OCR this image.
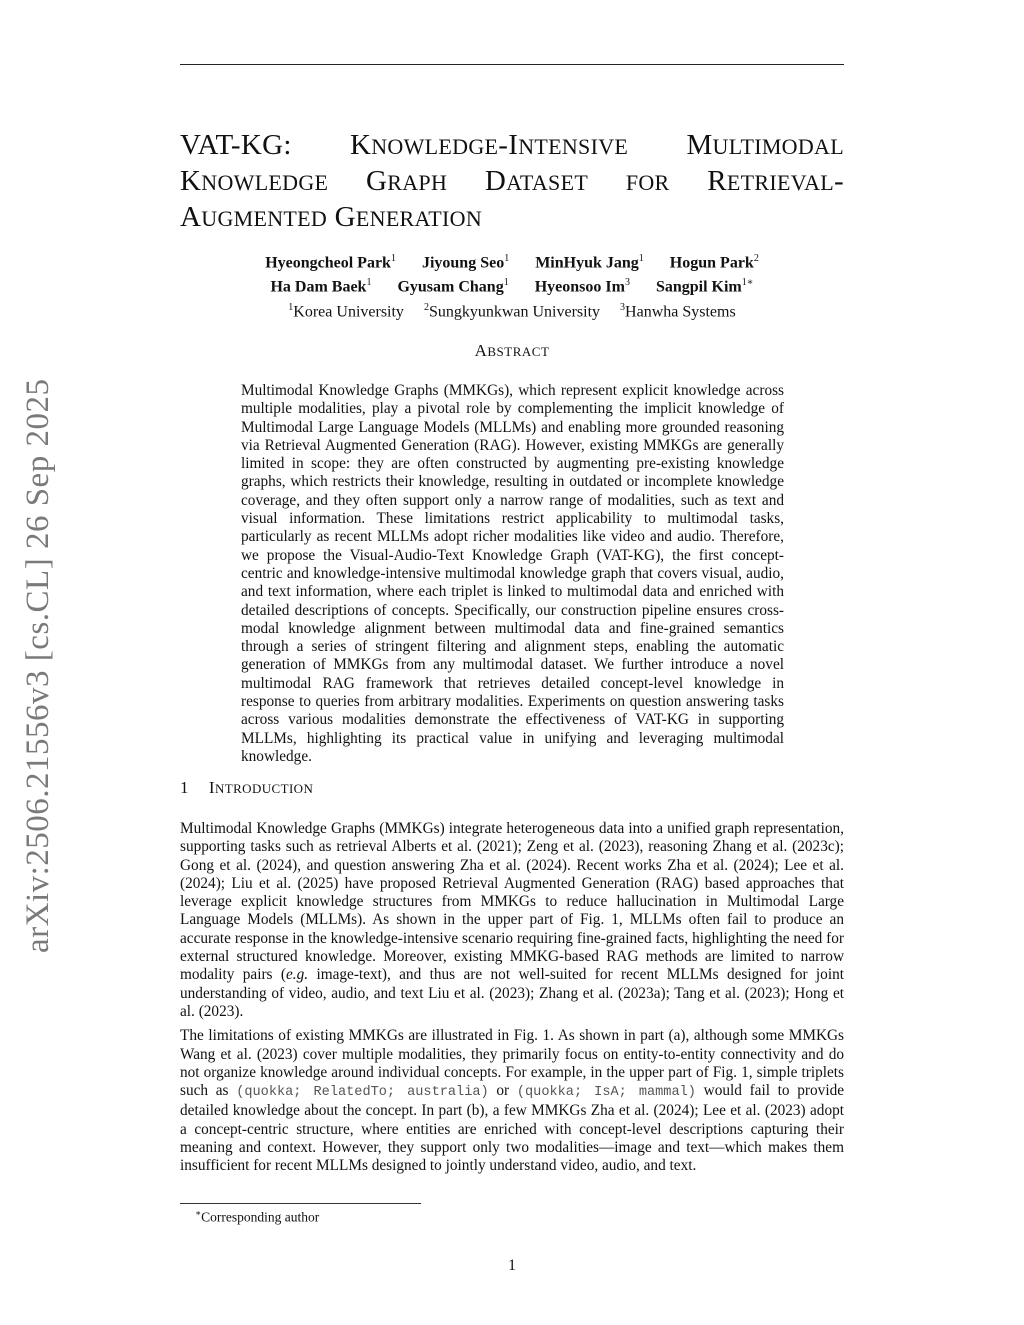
arXiv:2506.21556v3 [cs.CL] 26 Sep 2025
VAT-KG: KNOWLEDGE-INTENSIVE MULTIMODAL
KNOWLEDGE GRAPH DATASET FOR RETRIEVAL-
AUGMENTED GENERATION
Hyeongcheol Park$^1$ Jiyoung Seo$^1$ MinHyuk Jang$^1$ Hogun Park$^2$
Ha Dam Baek$^1$ Gyusam Chang$^1$ Hyeonsoo Im$^3$ Sangpil Kim$^{1∗}$
$^1$Korea University $^2$Sungkyunkwan University $^3$Hanwha Systems
ABSTRACT
Multimodal Knowledge Graphs (MMKGs), which represent explicit knowledge across multiple modalities, play a pivotal role by complementing the implicit knowledge of Multimodal Large Language Models (MLLMs) and enabling more grounded reasoning via Retrieval Augmented Generation (RAG). However, existing MMKGs are generally limited in scope: they are often constructed by augmenting pre-existing knowledge graphs, which restricts their knowledge, resulting in outdated or incomplete knowledge coverage, and they often support only a narrow range of modalities, such as text and visual information. These limitations restrict applicability to multimodal tasks, particularly as recent MLLMs adopt richer modalities like video and audio. Therefore, we propose the Visual-Audio-Text Knowledge Graph (VAT-KG), the first concept-centric and knowledge-intensive multimodal knowledge graph that covers visual, audio, and text information, where each triplet is linked to multimodal data and enriched with detailed descriptions of concepts. Specifically, our construction pipeline ensures cross-modal knowledge alignment between multimodal data and fine-grained semantics through a series of stringent filtering and alignment steps, enabling the automatic generation of MMKGs from any multimodal dataset. We further introduce a novel multimodal RAG framework that retrieves detailed concept-level knowledge in response to queries from arbitrary modalities. Experiments on question answering tasks across various modalities demonstrate the effectiveness of VAT-KG in supporting MLLMs, highlighting its practical value in unifying and leveraging multimodal knowledge.
1 INTRODUCTION

Multimodal Knowledge Graphs (MMKGs) integrate heterogeneous data into a unified graph representation, supporting tasks such as retrieval Alberts et al. (2021); Zeng et al. (2023), reasoning Zhang et al. (2023c); Gong et al. (2024), and question answering Zha et al. (2024). Recent works Zha et al. (2024); Lee et al. (2024); Liu et al. (2025) have proposed Retrieval Augmented Generation (RAG) based approaches that leverage explicit knowledge structures from MMKGs to reduce hallucination in Multimodal Large Language Models (MLLMs). As shown in the upper part of Fig. 1, MLLMs often fail to produce an accurate response in the knowledge-intensive scenario requiring fine-grained facts, highlighting the need for external structured knowledge. Moreover, existing MMKG-based RAG methods are limited to narrow modality pairs (e.g. image-text), and thus are not well-suited for recent MLLMs designed for joint understanding of video, audio, and text Liu et al. (2023); Zhang et al. (2023a); Tang et al. (2023); Hong et al. (2023).

The limitations of existing MMKGs are illustrated in Fig. 1. As shown in part (a), although some MMKGs Wang et al. (2023) cover multiple modalities, they primarily focus on entity-to-entity connectivity and do not organize knowledge around individual concepts. For example, in the upper part of Fig. 1, simple triplets such as (quokka; RelatedTo; australia) or (quokka; IsA; mammal) would fail to provide detailed knowledge about the concept. In part (b), a few MMKGs Zha et al. (2024); Lee et al. (2023) adopt a concept-centric structure, where entities are enriched with concept-level descriptions capturing their meaning and context. However, they support only two modalities—image and text—which makes them insufficient for recent MLLMs designed to jointly understand video, audio, and text.

∗Corresponding author
1
